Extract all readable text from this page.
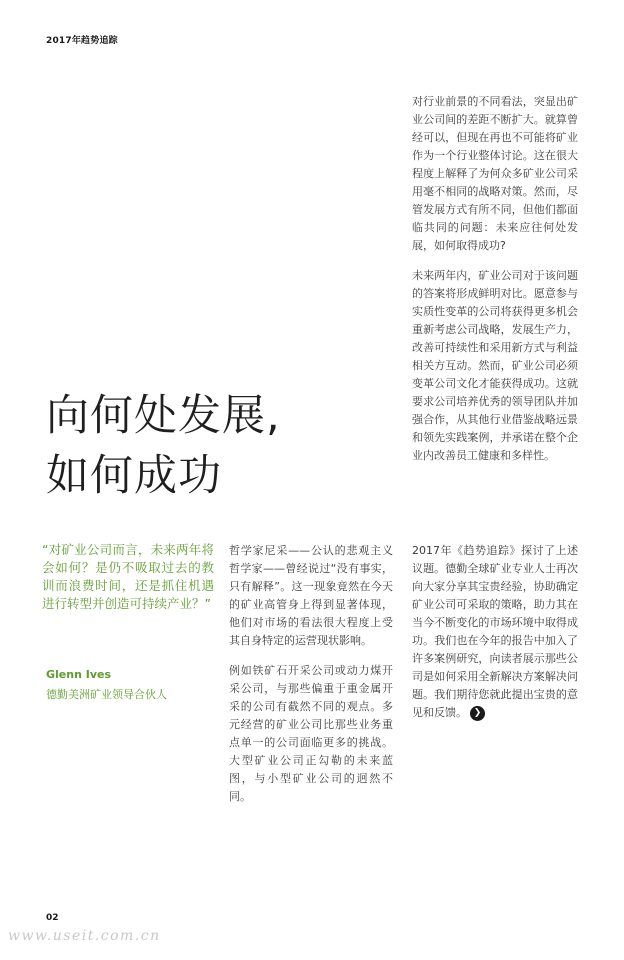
2017年趋势追踪

对行业前景的不同看法，突显出矿业公司间的差距不断扩大。就算曾经可以，但现在再也不可能将矿业作为一个行业整体讨论。这在很大程度上解释了为何众多矿业公司采用毫不相同的战略对策。然而，尽管发展方式有所不同，但他们都面临共同的问题：未来应往何处发展，如何取得成功?

未来两年内，矿业公司对于该问题的答案将形成鲜明对比。愿意参与实质性变革的公司将获得更多机会重新考虑公司战略，发展生产力，改善可持续性和采用新方式与利益相关方互动。然而，矿业公司必须变革公司文化才能获得成功。这就要求公司培养优秀的领导团队并加强合作，从其他行业借鉴战略远景和领先实践案例，并承诺在整个企业内改善员工健康和多样性。

向何处发展,
如何成功
“对矿业公司而言，未来两年将会如何？是仍不吸取过去的教训而浪费时间，还是抓住机遇进行转型并创造可持续产业？”
Glenn Ives
德勤美洲矿业领导合伙人

哲学家尼采——公认的悲观主义哲学家——曾经说过“没有事实，只有解释”。这一现象竟然在今天的矿业高管身上得到显著体现，他们对市场的看法很大程度上受其自身特定的运营现状影响。

例如铁矿石开采公司或动力煤开采公司，与那些偏重于重金属开采的公司有截然不同的观点。多元经营的矿业公司比那些业务重点单一的公司面临更多的挑战。大型矿业公司正勾勒的未来蓝图，与小型矿业公司的迥然不同。

2017年《趋势追踪》探讨了上述议题。德勤全球矿业专业人士再次向大家分享其宝贵经验，协助确定矿业公司可采取的策略，助力其在当今不断变化的市场环境中取得成功。我们也在今年的报告中加入了许多案例研究，向读者展示那些公司是如何采用全新解决方案解决问题。我们期待您就此提出宝贵的意见和反馈。 ❯

02
www.useit.com.cn
